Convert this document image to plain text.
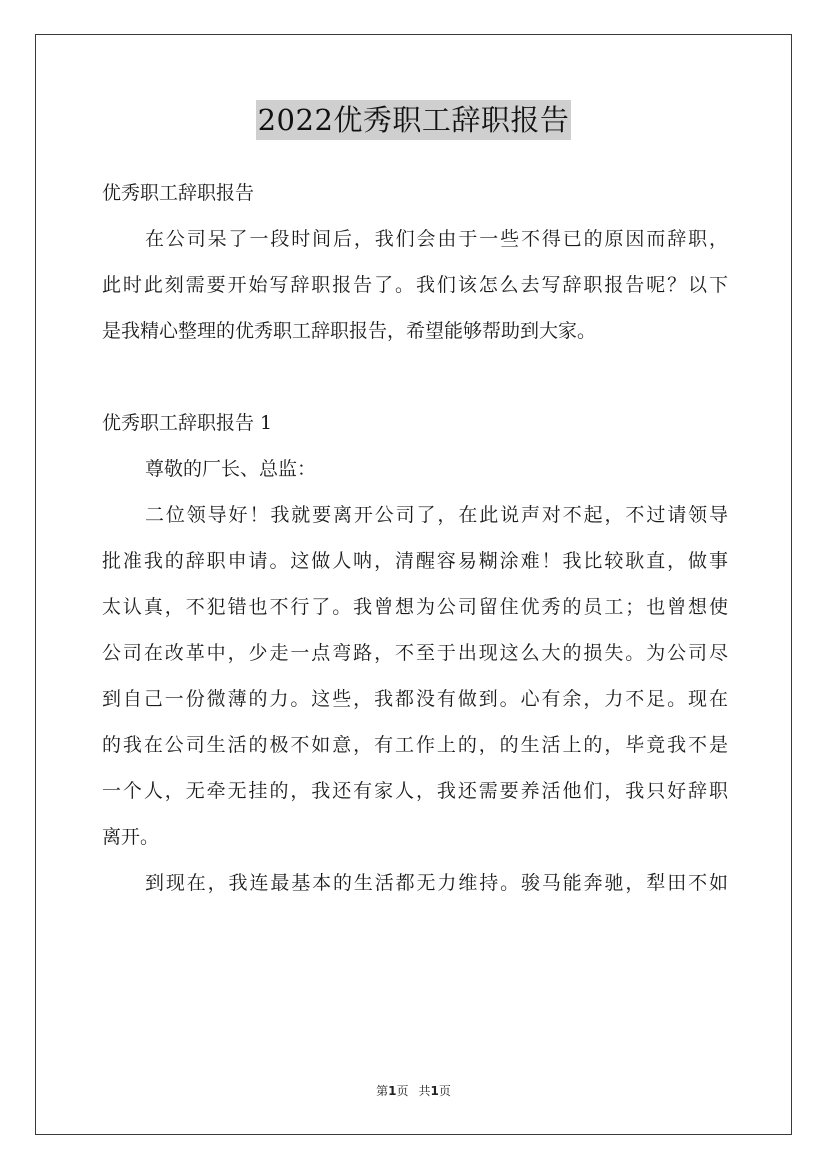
2022优秀职工辞职报告
优秀职工辞职报告
在公司呆了一段时间后，我们会由于一些不得已的原因而辞职，
此时此刻需要开始写辞职报告了。我们该怎么去写辞职报告呢？以下
是我精心整理的优秀职工辞职报告，希望能够帮助到大家。
优秀职工辞职报告 1
尊敬的厂长、总监：
二位领导好！我就要离开公司了，在此说声对不起，不过请领导
批准我的辞职申请。这做人呐，清醒容易糊涂难！我比较耿直，做事
太认真，不犯错也不行了。我曾想为公司留住优秀的员工；也曾想使
公司在改革中，少走一点弯路，不至于出现这么大的损失。为公司尽
到自己一份微薄的力。这些，我都没有做到。心有余，力不足。现在
的我在公司生活的极不如意，有工作上的，的生活上的，毕竟我不是
一个人，无牵无挂的，我还有家人，我还需要养活他们，我只好辞职
离开。
到现在，我连最基本的生活都无力维持。骏马能奔驰，犁田不如
第1页 共1页
